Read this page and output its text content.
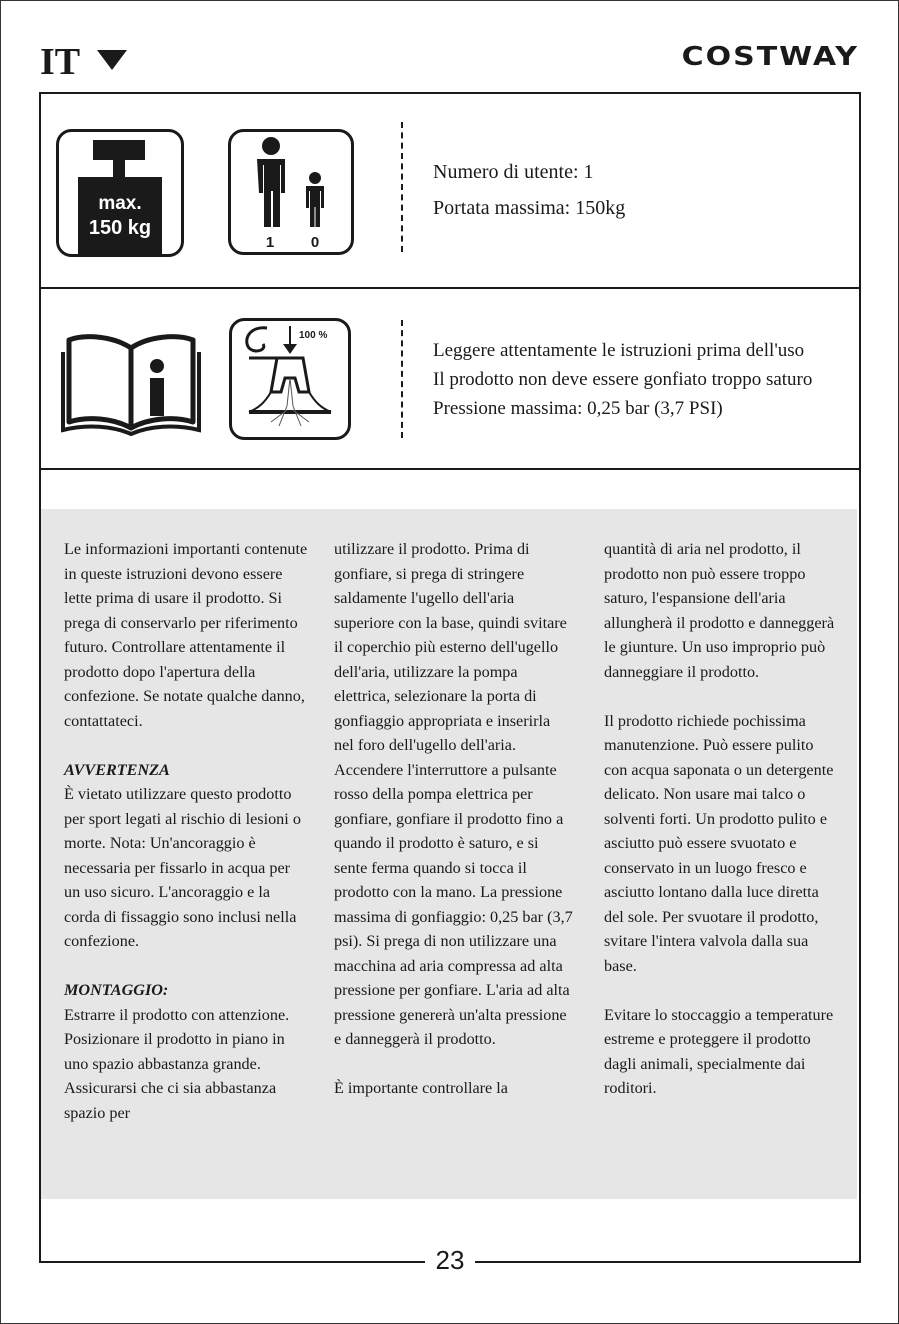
IT	COSTWAY
max.
150 kg
1 0
Numero di utente: 1
Portata massima: 150kg
100 %
Leggere attentamente le istruzioni prima dell'uso
Il prodotto non deve essere gonfiato troppo saturo
Pressione massima: 0,25 bar (3,7 PSI)

Le informazioni importanti contenute in queste istruzioni devono essere lette prima di usare il prodotto. Si prega di conservarlo per riferimento futuro. Controllare attentamente il prodotto dopo l'apertura della confezione. Se notate qualche danno, contattateci.

AVVERTENZA
È vietato utilizzare questo prodotto per sport legati al rischio di lesioni o morte. Nota: Un'ancoraggio è necessaria per fissarlo in acqua per un uso sicuro. L'ancoraggio e la corda di fissaggio sono inclusi nella confezione.

MONTAGGIO:
Estrarre il prodotto con attenzione. Posizionare il prodotto in piano in uno spazio abbastanza grande. Assicurarsi che ci sia abbastanza spazio per

utilizzare il prodotto. Prima di gonfiare, si prega di stringere saldamente l'ugello dell'aria superiore con la base, quindi svitare il coperchio più esterno dell'ugello dell'aria, utilizzare la pompa elettrica, selezionare la porta di gonfiaggio appropriata e inserirla nel foro dell'ugello dell'aria. Accendere l'interruttore a pulsante rosso della pompa elettrica per gonfiare, gonfiare il prodotto fino a quando il prodotto è saturo, e si sente ferma quando si tocca il prodotto con la mano. La pressione massima di gonfiaggio: 0,25 bar (3,7 psi). Si prega di non utilizzare una macchina ad aria compressa ad alta pressione per gonfiare. L'aria ad alta pressione genererà un'alta pressione e danneggerà il prodotto.

È importante controllare la

quantità di aria nel prodotto, il prodotto non può essere troppo saturo, l'espansione dell'aria allungherà il prodotto e danneggerà le giunture. Un uso improprio può danneggiare il prodotto.

Il prodotto richiede pochissima manutenzione. Può essere pulito con acqua saponata o un detergente delicato. Non usare mai talco o solventi forti. Un prodotto pulito e asciutto può essere svuotato e conservato in un luogo fresco e asciutto lontano dalla luce diretta del sole. Per svuotare il prodotto, svitare l'intera valvola dalla sua base.

Evitare lo stoccaggio a temperature estreme e proteggere il prodotto dagli animali, specialmente dai roditori.

23
